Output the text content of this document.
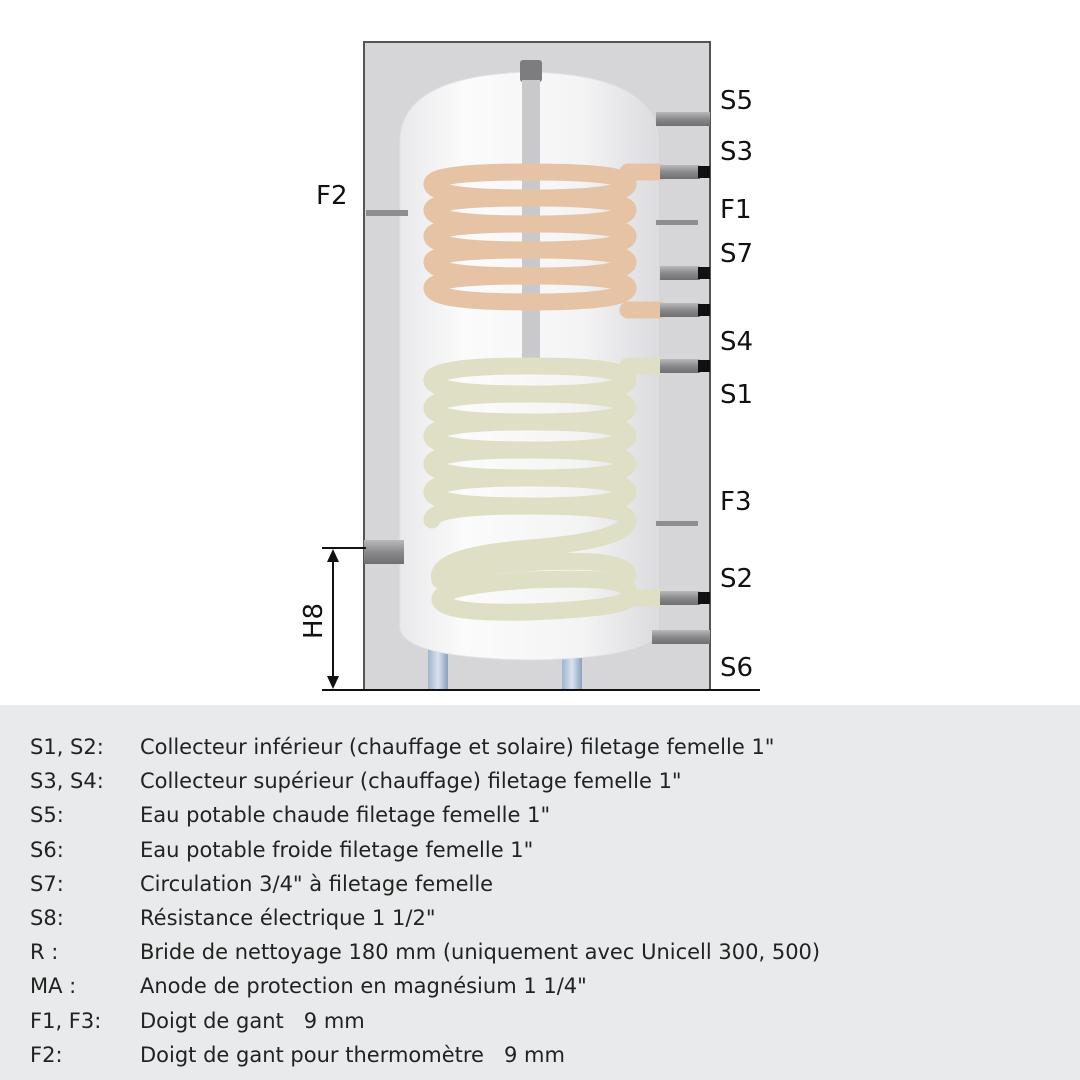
H8
F2
S5
S3
F1
S7
S4
S1
F3
S2
S6
S1, S2: Collecteur inférieur (chauffage et solaire) filetage femelle 1"
S3, S4: Collecteur supérieur (chauffage) filetage femelle 1"
S5:	Eau potable chaude filetage femelle 1"
S6:	Eau potable froide filetage femelle 1"
S7:	Circulation 3/4" à filetage femelle
S8:	Résistance électrique 1 1/2"
R :	Bride de nettoyage 180 mm (uniquement avec Unicell 300, 500)
MA :	Anode de protection en magnésium 1 1/4"
F1, F3: Doigt de gant   9 mm
F2:	Doigt de gant pour thermomètre   9 mm
